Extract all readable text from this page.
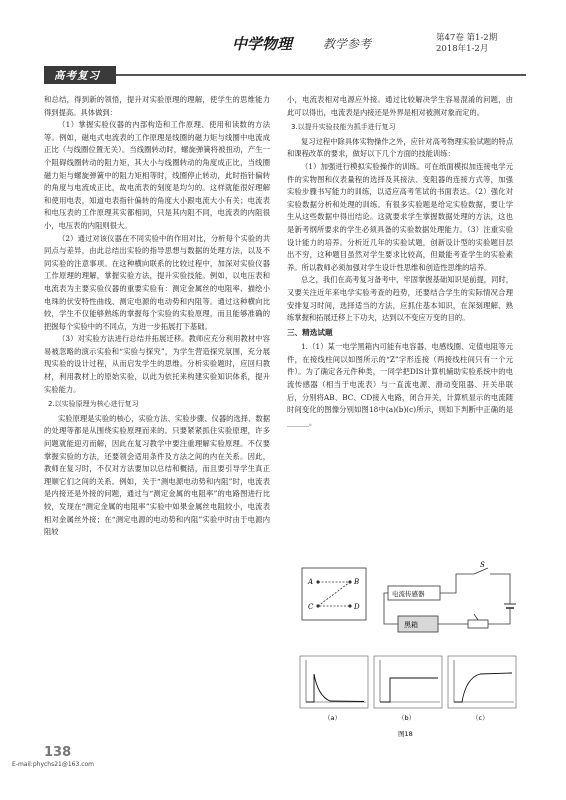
高考复习
中学物理	教学参考	第47卷 第1-2期
2018年1-2月

和总结，得到新的领悟，提升对实验原理的理解，使学生的思维能力得到提高。具体做到：

（1）掌握实验仪器的内部构造和工作原理、使用和读数的方法等。例如，磁电式电流表的工作原理是线圈的磁力矩与线圈中电流成正比（与线圈位置无关）。当线圈转动时，螺旋弹簧将被扭动，产生一个阻碍线圈转动的阻力矩，其大小与线圈转动的角度成正比，当线圈磁力矩与螺旋弹簧中的阻力矩相等时，线圈停止转动，此时指针偏转的角度与电流成正比，故电流表的刻度是均匀的。这样就能很好理解和使用电表，知道电表指针偏转的角度大小跟电流大小有关；电流表和电压表的工作原理其实都相同，只是其内阻不同，电流表的内阻很小，电压表的内阻则很大。

（2）通过对该仪器在不同实验中的作用对比，分析每个实验的共同点与差异，由此总结出实验的指导思想与数据的处理方法，以及不同实验的注意事项。在这种横向联系的比较过程中，加深对实验仪器工作原理的理解，掌握实验方法，提升实验技能。例如，以电压表和电流表为主要实验仪器的重要实验有：测定金属丝的电阻率、描绘小电珠的伏安特性曲线、测定电源的电动势和内阻等。通过这种横向比较，学生不仅能够熟练的掌握每个实验的实验原理，而且能够准确的把握每个实验中的不同点，为进一步拓展打下基础。

（3）对实验方法进行总结并拓展迁移。教师应充分利用教材中容易被忽略的演示实验和“实验与探究”，为学生营造探究氛围，充分展现实验的设计过程，从而启发学生的思维。分析实验题时，应回归教材，利用教材上的原始实验，以此为依托来构建实验知识体系，提升实验能力。

2.以实验原理为核心进行复习

实验原理是实验的核心，实验方法、实验步骤、仪器的选择、数据的处理等都是从围绕实验原理而来的。只要紧紧抓住实验原理，许多问题就能迎刃而解，因此在复习教学中要注重理解实验原理。不仅要掌握实验的方法，还要领会适用条件及方法之间的内在关系。因此，教师在复习时，不仅对方法要加以总结和概括，而且要引导学生真正理顺它们之间的关系。例如，关于“测电源电动势和内阻”时，电流表是内接还是外接的问题，通过与“测定金属的电阻率”的电路图进行比较，发现在“测定金属的电阻率”实验中如果金属丝电阻较小，电流表相对金属丝外接；在“测定电源的电动势和内阻”实验中时由于电源内阻较

小，电流表相对电源应外接。通过比较解决学生容易混淆的问题，由此可以得出，电流表是内接还是外界是相对被测对象而定的。

3.以提升实验技能为抓手进行复习

复习过程中除具体实物操作之外，应针对高考物理实验试题的特点和课程改革的要求，做好以下几个方面的技能训练：

（1）加强进行模拟实验操作的训练。可在纸面模拟加连接电学元件的实物图和仪表量程的选择及其接法、变阻器的连接方式等，加强实验步骤书写能力的训练，以适应高考笔试的书面表达。（2）强化对实验数据分析和处理的训练。有很多实验题是给定实验数据，要让学生从这些数据中得出结论。这就要求学生掌握数据处理的方法，这也是新考纲所要求的学生必须具备的实验数据处理能力。（3）注重实验设计能力的培养。分析近几年的实验试题，创新设计型的实验题目层出不穷，这种题目虽然对学生要求比较高，但最能考查学生的实验素养。所以教师必须加强对学生设计性思维和创造性思维的培养。

总之，我们在高考复习备考中，牢固掌握基础知识是前提，同时，又要关注近年来电学实验考查的趋势，还要结合学生的实际情况合理安排复习时间，选择适当的方法，应抓住基本知识，在深刻理解、熟练掌握和拓展迁移上下功夫，达到以不变应万变的目的。

三、精选试题

1.（1）某一电学黑箱内可能有电容器、电感线圈、定值电阻等元件，在接线柱间以如图所示的“Z”字形连接（两接线柱间只有一个元件）。为了确定各元件种类，一同学把DIS计算机辅助实验系统中的电流传感器（相当于电流表）与一直流电源、滑动变阻器、开关串联后，分别将AB、BC、CD接入电路，闭合开关，计算机显示的电流随时间变化的图像分别如图18中(a)(b)(c)所示，则如下判断中正确的是______。

A	B
C	D
电流传感器
黑箱
S
（a）	（b）	（c）
图18
138
E-mail:phychs21@163.com
